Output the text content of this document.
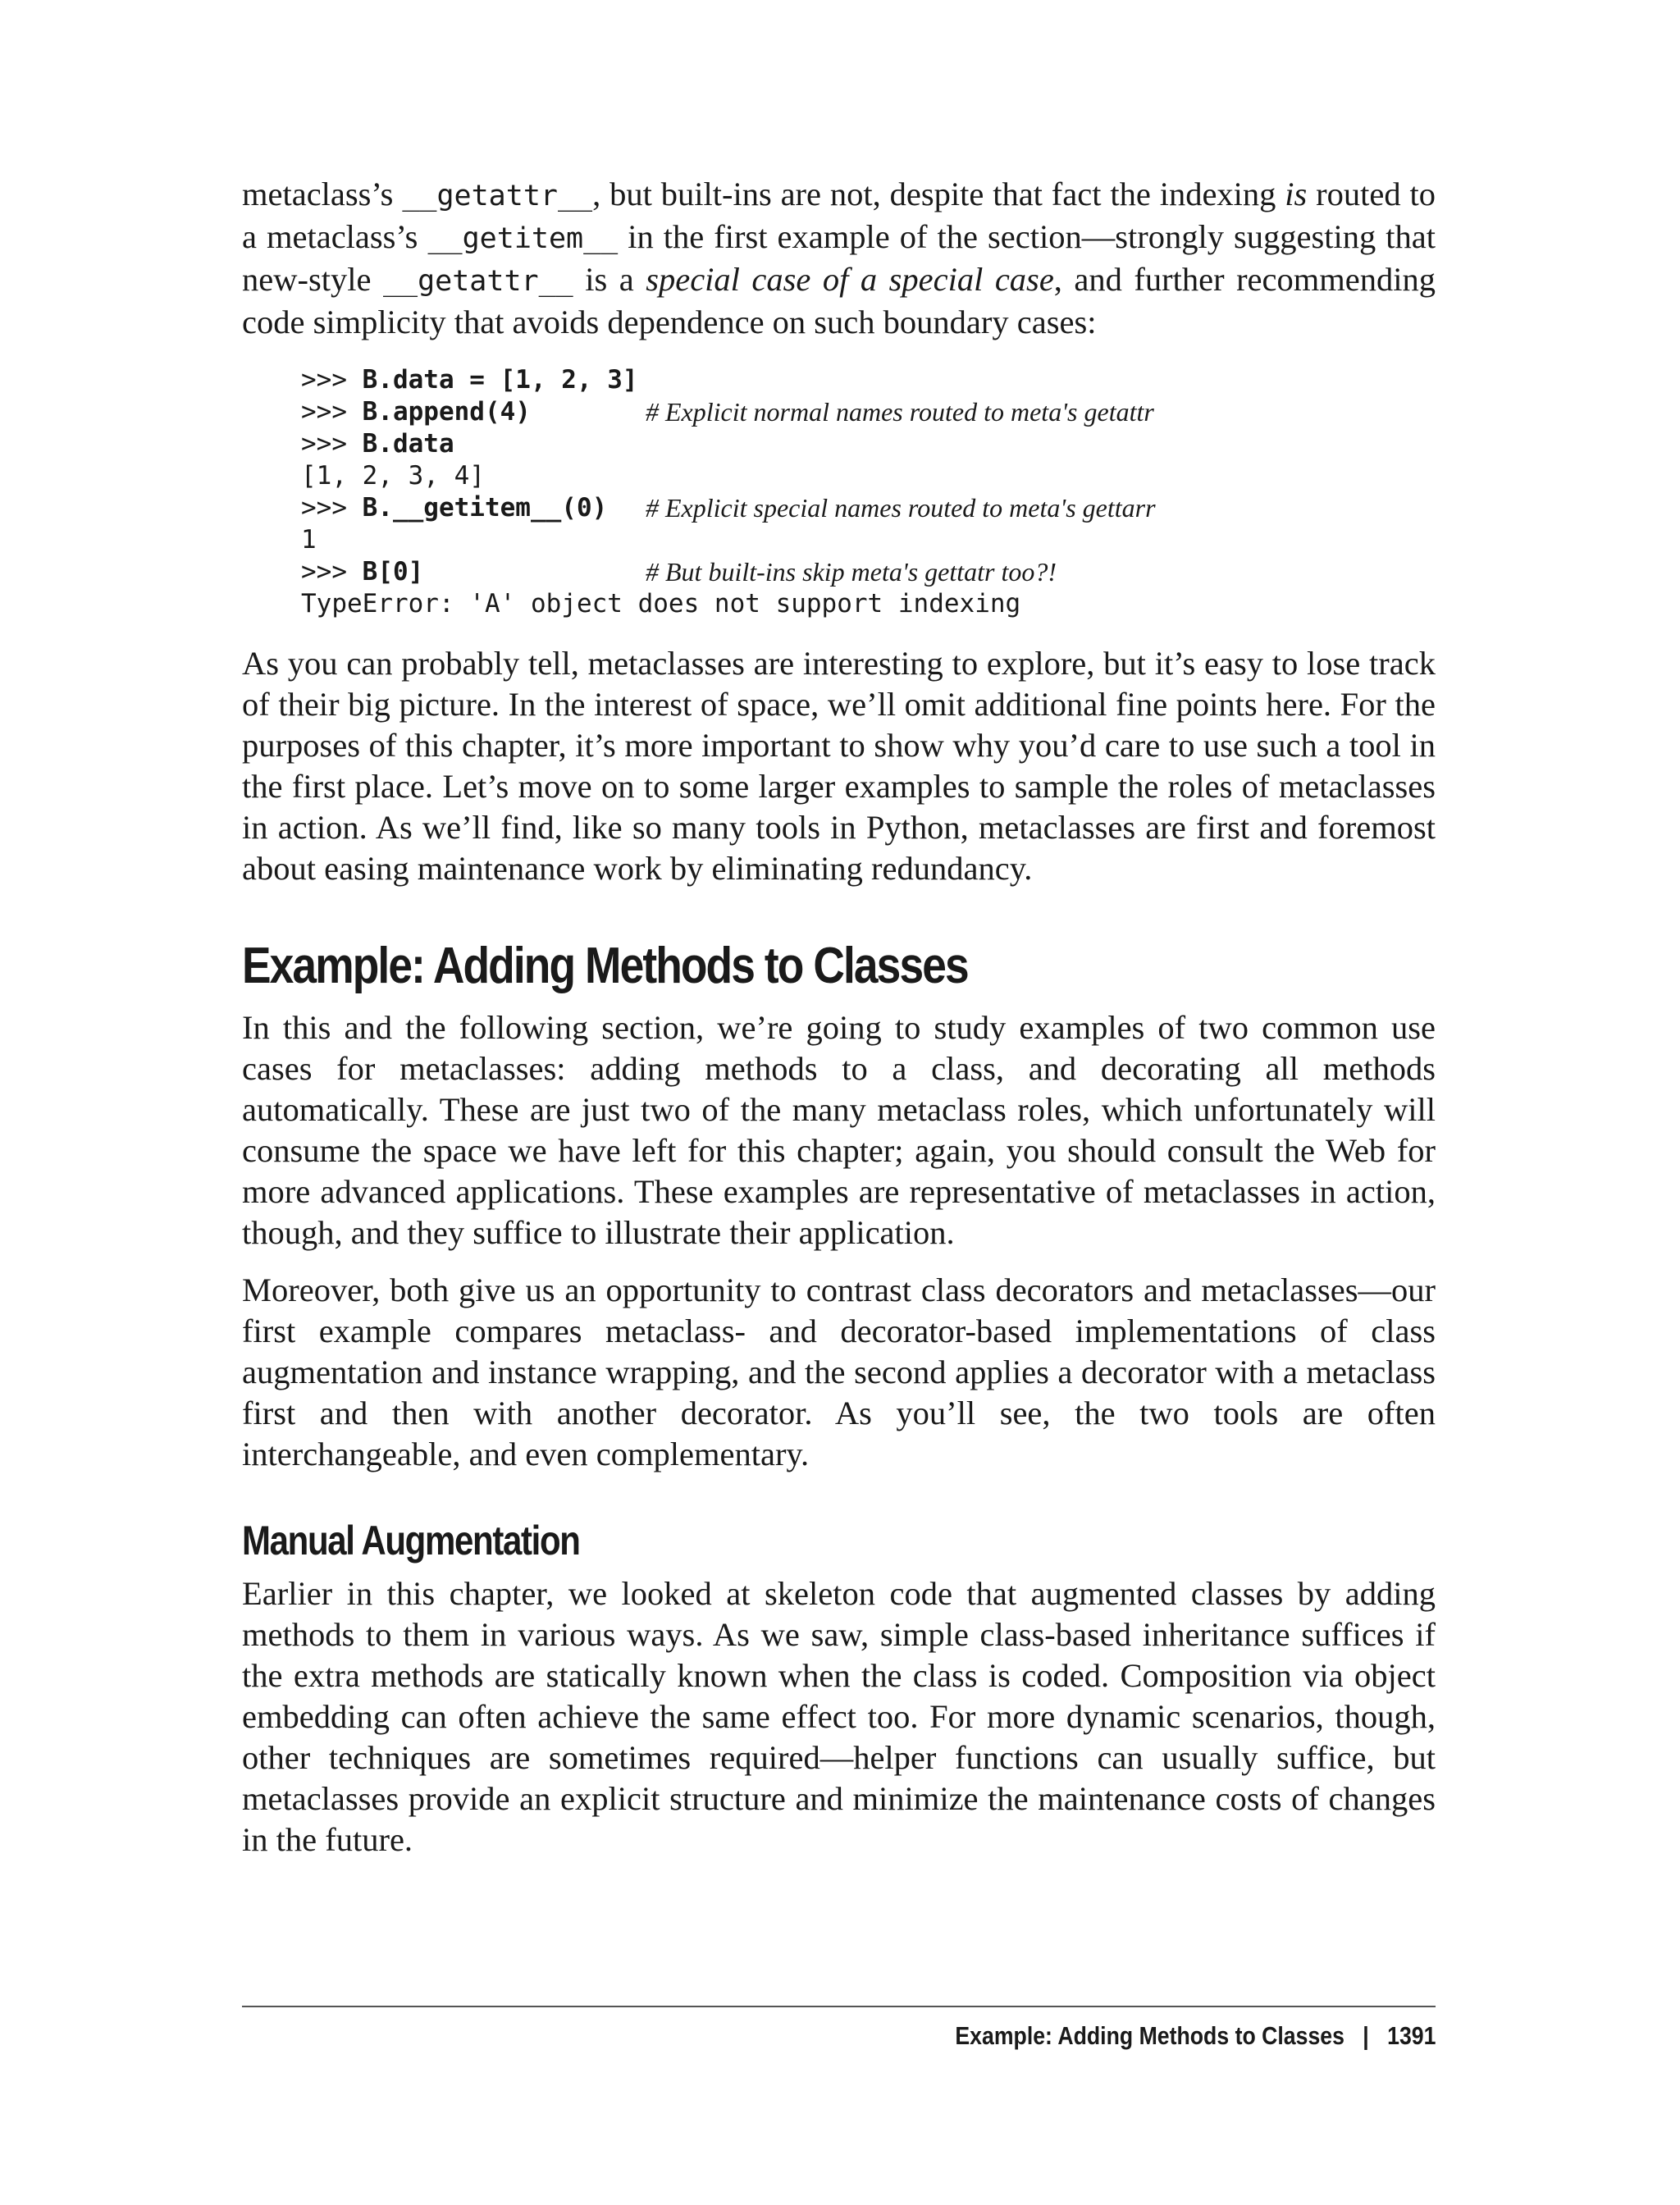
metaclass’s __getattr__, but built-ins are not, despite that fact the indexing is routed to a metaclass’s __getitem__ in the first example of the section—strongly suggesting that new-style __getattr__ is a special case of a special case, and further recommending code simplicity that avoids dependence on such boundary cases:

>>> B.data = [1, 2, 3]
>>> B.append(4)	# Explicit normal names routed to meta's getattr
>>> B.data
[1, 2, 3, 4]
>>> B.__getitem__(0)	# Explicit special names routed to meta's gettarr
1
>>> B[0]	# But built-ins skip meta's gettatr too?!
TypeError: 'A' object does not support indexing

As you can probably tell, metaclasses are interesting to explore, but it’s easy to lose track of their big picture. In the interest of space, we’ll omit additional fine points here. For the purposes of this chapter, it’s more important to show why you’d care to use such a tool in the first place. Let’s move on to some larger examples to sample the roles of metaclasses in action. As we’ll find, like so many tools in Python, metaclasses are first and foremost about easing maintenance work by eliminating redundancy.

Example: Adding Methods to Classes

In this and the following section, we’re going to study examples of two common use cases for metaclasses: adding methods to a class, and decorating all methods automatically. These are just two of the many metaclass roles, which unfortunately will consume the space we have left for this chapter; again, you should consult the Web for more advanced applications. These examples are representative of metaclasses in action, though, and they suffice to illustrate their application.

Moreover, both give us an opportunity to contrast class decorators and metaclasses—our first example compares metaclass- and decorator-based implementations of class augmentation and instance wrapping, and the second applies a decorator with a metaclass first and then with another decorator. As you’ll see, the two tools are often interchangeable, and even complementary.

Manual Augmentation

Earlier in this chapter, we looked at skeleton code that augmented classes by adding methods to them in various ways. As we saw, simple class-based inheritance suffices if the extra methods are statically known when the class is coded. Composition via object embedding can often achieve the same effect too. For more dynamic scenarios, though, other techniques are sometimes required—helper functions can usually suffice, but metaclasses provide an explicit structure and minimize the maintenance costs of changes in the future.

Example: Adding Methods to Classes | 1391
